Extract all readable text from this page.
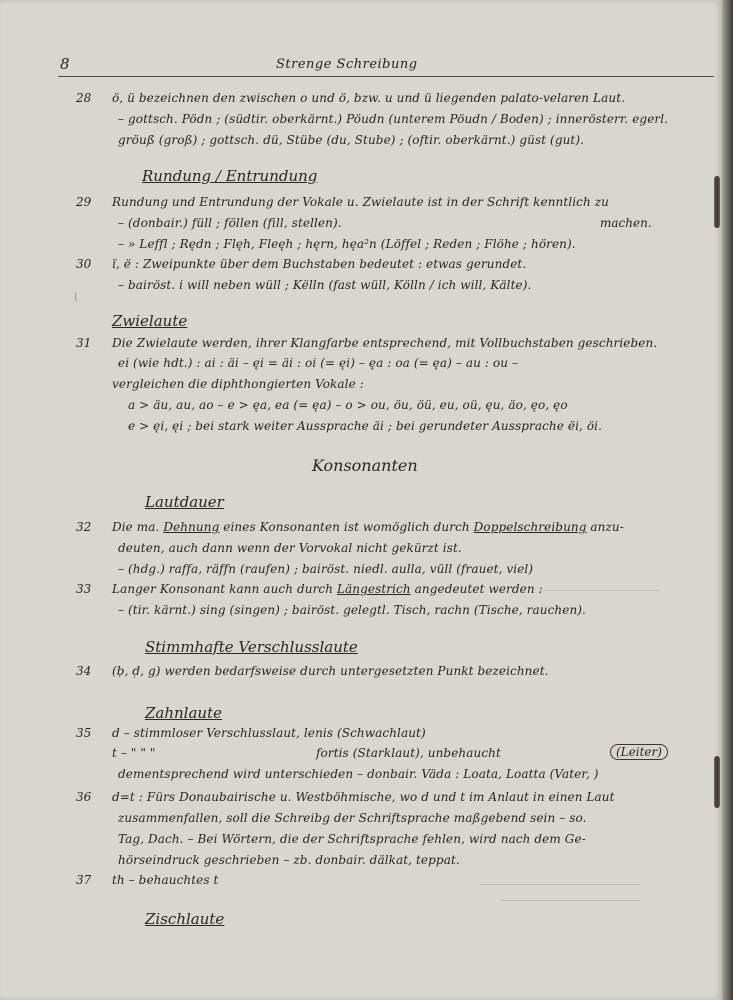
8	Strenge Schreibung
28 ö, ü bezeichnen den zwischen o und ö, bzw. u und ü liegenden palato-velaren Laut.
– gottsch. Pödn ; (südtir. oberkärnt.) Pöudn (unterem Pöudn / Boden) ; innerösterr. egerl.
gröuß (groß) ; gottsch. dü, Stübe (du, Stube) ; (oftir. oberkärnt.) güst (gut).
Rundung / Entrundung
29 Rundung und Entrundung der Vokale u. Zwielaute ist in der Schrift kenntlich zu
– (donbair.) füll ; föllen (fill, stellen).	machen.
– » Leffl ; Rędn ; Flęh, Fleęh ; hęrn, hęa²n (Löffel ; Reden ; Flöhe ; hören).
30 ï, ë : Zweipunkte über dem Buchstaben bedeutet : etwas gerundet.
– bairöst. i will neben wüll ; Këlln (fast wüll, Kölln / ich will, Kälte).
(
Zwielaute
31 Die Zwielaute werden, ihrer Klangfarbe entsprechend, mit Vollbuchstaben geschrieben.
ei (wie hdt.) : ai : äi – ęi = äi : oi (= ęi) – ęa : oa (= ęa) – au : ou –
vergleichen die diphthongierten Vokale :
a > äu, au, ao – e > ęa, ea (= ęa) – o > ou, öu, öü, eu, oü, ęu, äo, ęo, ęo
e > ęi, ęi ; bei stark weiter Aussprache äi ; bei gerundeter Aussprache ëi, öi.
Konsonanten
Lautdauer
32 Die ma. Dehnung eines Konsonanten ist womöglich durch Doppelschreibung anzu-
deuten, auch dann wenn der Vorvokal nicht gekürzt ist.
– (hdg.) raffa, räffn (raufen) ; bairöst. niedl. aulla, vüll (frauet, viel)
33 Langer Konsonant kann auch durch Längestrich angedeutet werden :
– (tir. kärnt.) sing (singen) ; bairöst. gelegtl. Tisch, rachn (Tische, rauchen).
Stimmhafte Verschlusslaute
34 (ḅ, ḍ, g) werden bedarfsweise durch untergesetzten Punkt bezeichnet.
Zahnlaute
35 d – stimmloser Verschlusslaut, lenis (Schwachlaut)
t – " " "	fortis (Starklaut), unbehaucht	(Leiter)
dementsprechend wird unterschieden – donbair. Väda : Loata, Loatta (Vater, )
36 d=t : Fürs Donaubairische u. Westböhmische, wo d und t im Anlaut in einen Laut
zusammenfallen, soll die Schreibg der Schriftsprache maßgebend sein – so.
Tag, Dach. – Bei Wörtern, die der Schriftsprache fehlen, wird nach dem Ge-
hörseindruck geschrieben – zb. donbair. dälkat, teppat.
37 th – behauchtes t
Zischlaute
